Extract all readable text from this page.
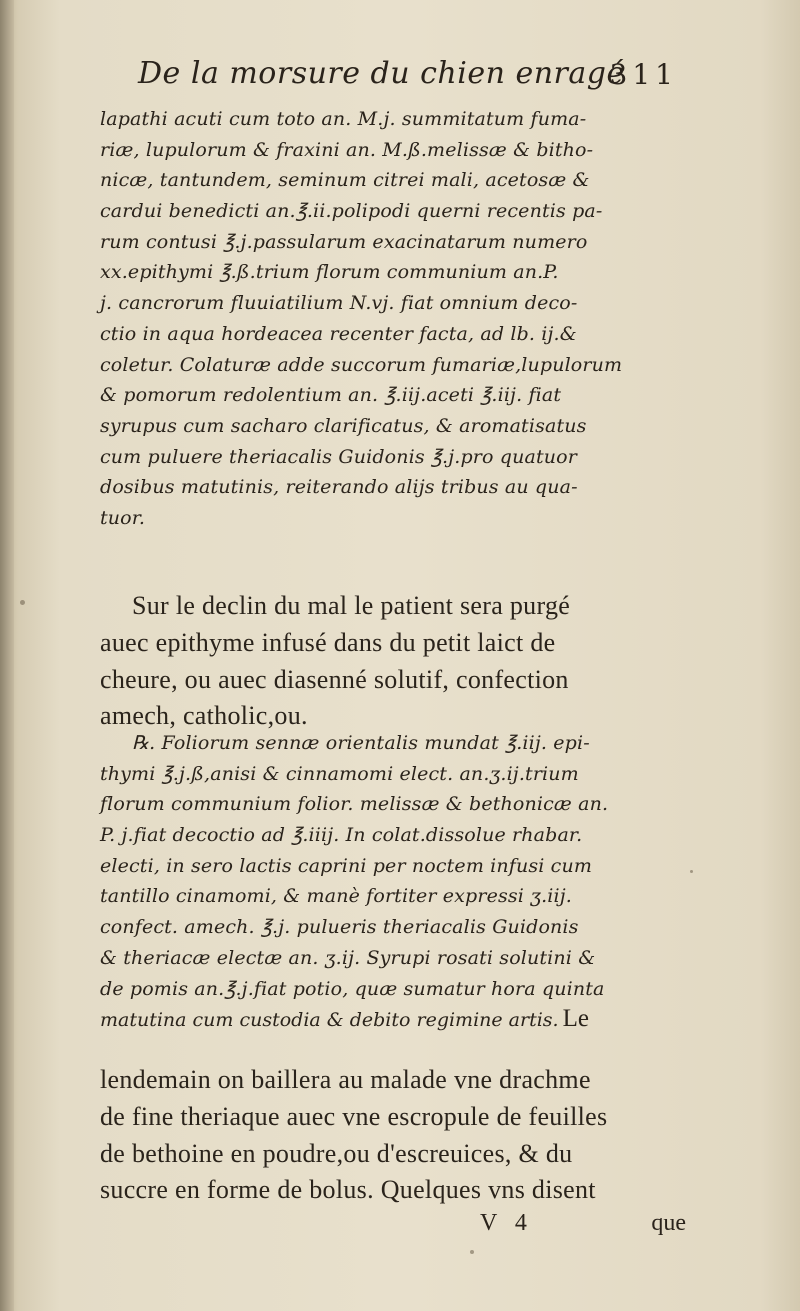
De la morsure du chien enragé
311
lapathi acuti cum toto an. M.j. summitatum fuma-
riæ, lupulorum & fraxini an. M.ß.melissæ & bitho-
nicæ, tantundem, seminum citrei mali, acetosæ &
cardui benedicti an.℥.ii.polipodi querni recentis pa-
rum contusi ℥.j.passularum exacinatarum numero
xx.epithymi ℥.ß.trium florum communium an.P.
j. cancrorum fluuiatilium N.vj. fiat omnium deco-
ctio in aqua hordeacea recenter facta, ad lb. ij.&
coletur. Colaturæ adde succorum fumariæ,lupulorum
& pomorum redolentium an. ℥.iij.aceti ℥.iij. fiat
syrupus cum sacharo clarificatus, & aromatisatus
cum puluere theriacalis Guidonis ℥.j.pro quatuor
dosibus matutinis, reiterando alijs tribus au qua-
tuor.
Sur le declin du mal le patient sera purgé
auec epithyme infusé dans du petit laict de
cheure, ou auec diasenné solutif, confection
amech, catholic,ou.
℞. Foliorum sennæ orientalis mundat ℥.iij. epi-
thymi ℥.j.ß,anisi & cinnamomi elect. an.ʒ.ij.trium
florum communium folior. melissæ & bethonicæ an.
P. j.fiat decoctio ad ℥.iiij. In colat.dissolue rhabar.
electi, in sero lactis caprini per noctem infusi cum
tantillo cinamomi, & manè fortiter expressi ʒ.iij.
confect. amech. ℥.j. pulueris theriacalis Guidonis
& theriacæ electæ an. ʒ.ij. Syrupi rosati solutini &
de pomis an.℥.j.fiat potio, quæ sumatur hora quinta
matutina cum custodia & debito regimine artis. Le
lendemain on baillera au malade vne drachme
de fine theriaque auec vne escropule de feuilles
de bethoine en poudre,ou d'escreuices, & du
succre en forme de bolus. Quelques vns disent
V 4	que
